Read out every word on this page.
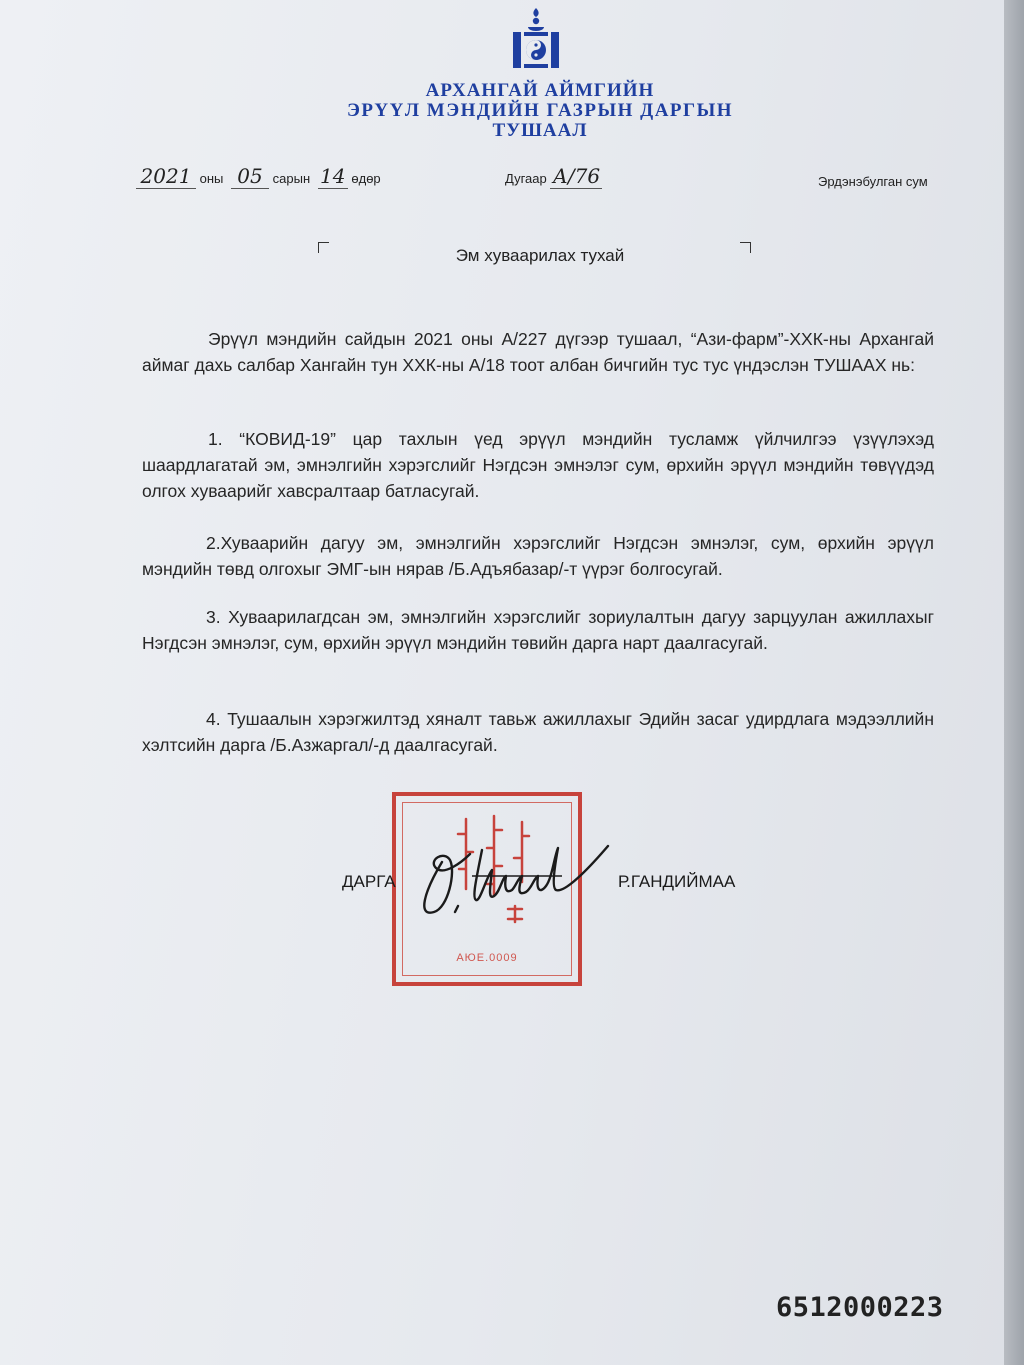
АРХАНГАЙ АЙМГИЙН
ЭРҮҮЛ МЭНДИЙН ГАЗРЫН ДАРГЫН
ТУШААЛ
2021 оны 05 сарын 14 өдөр	Дугаар А/76	Эрдэнэбулган сум
Эм хуваарилах тухай
Эрүүл мэндийн сайдын 2021 оны А/227 дүгээр тушаал, “Ази-фарм”-ХХК-ны Архангай аймаг дахь салбар Хангайн тун ХХК-ны А/18 тоот албан бичгийн тус тус үндэслэн ТУШААХ нь:
1. “КОВИД-19” цар тахлын үед эрүүл мэндийн тусламж үйлчилгээ үзүүлэхэд шаардлагатай эм, эмнэлгийн хэрэгслийг Нэгдсэн эмнэлэг сум, өрхийн эрүүл мэндийн төвүүдэд олгох хуваарийг хавсралтаар батласугай.
2.Хуваарийн дагуу эм, эмнэлгийн хэрэгслийг Нэгдсэн эмнэлэг, сум, өрхийн эрүүл мэндийн төвд олгохыг ЭМГ-ын нярав /Б.Адъябазар/-т үүрэг болгосугай.
3. Хуваарилагдсан эм, эмнэлгийн хэрэгслийг зориулалтын дагуу зарцуулан ажиллахыг Нэгдсэн эмнэлэг, сум, өрхийн эрүүл мэндийн төвийн дарга нарт даалгасугай.
4. Тушаалын хэрэгжилтэд хяналт тавьж ажиллахыг Эдийн засаг удирдлага мэдээллийн хэлтсийн дарга /Б.Азжаргал/-д даалгасугай.
АЮЕ.0009
ДАРГА	Р.ГАНДИЙМАА
6512000223
